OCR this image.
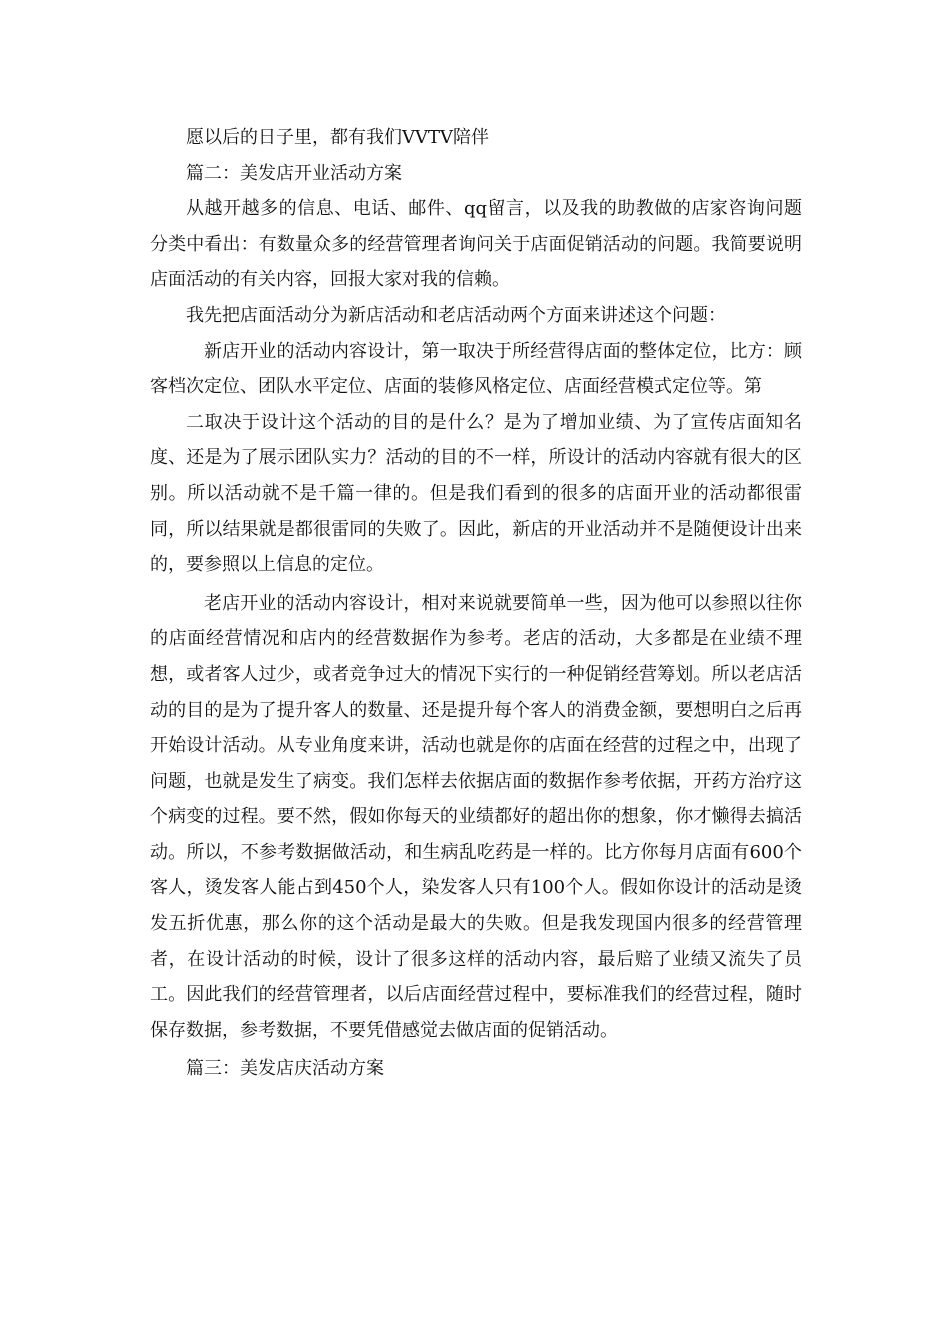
愿以后的日子里，都有我们VVTV陪伴

篇二：美发店开业活动方案

从越开越多的信息、电话、邮件、qq留言，以及我的助教做的店家咨询问题分类中看出：有数量众多的经营管理者询问关于店面促销活动的问题。我简要说明店面活动的有关内容，回报大家对我的信赖。

我先把店面活动分为新店活动和老店活动两个方面来讲述这个问题：

新店开业的活动内容设计，第一取决于所经营得店面的整体定位，比方：顾客档次定位、团队水平定位、店面的装修风格定位、店面经营模式定位等。第

二取决于设计这个活动的目的是什么？是为了增加业绩、为了宣传店面知名度、还是为了展示团队实力？活动的目的不一样，所设计的活动内容就有很大的区别。所以活动就不是千篇一律的。但是我们看到的很多的店面开业的活动都很雷同，所以结果就是都很雷同的失败了。因此，新店的开业活动并不是随便设计出来的，要参照以上信息的定位。

老店开业的活动内容设计，相对来说就要简单一些，因为他可以参照以往你的店面经营情况和店内的经营数据作为参考。老店的活动，大多都是在业绩不理想，或者客人过少，或者竞争过大的情况下实行的一种促销经营筹划。所以老店活动的目的是为了提升客人的数量、还是提升每个客人的消费金额，要想明白之后再开始设计活动。从专业角度来讲，活动也就是你的店面在经营的过程之中，出现了问题，也就是发生了病变。我们怎样去依据店面的数据作参考依据，开药方治疗这个病变的过程。要不然，假如你每天的业绩都好的超出你的想象，你才懒得去搞活动。所以，不参考数据做活动，和生病乱吃药是一样的。比方你每月店面有600个客人，烫发客人能占到450个人，染发客人只有100个人。假如你设计的活动是烫发五折优惠，那么你的这个活动是最大的失败。但是我发现国内很多的经营管理者，在设计活动的时候，设计了很多这样的活动内容，最后赔了业绩又流失了员工。因此我们的经营管理者，以后店面经营过程中，要标准我们的经营过程，随时保存数据，参考数据，不要凭借感觉去做店面的促销活动。

篇三：美发店庆活动方案
